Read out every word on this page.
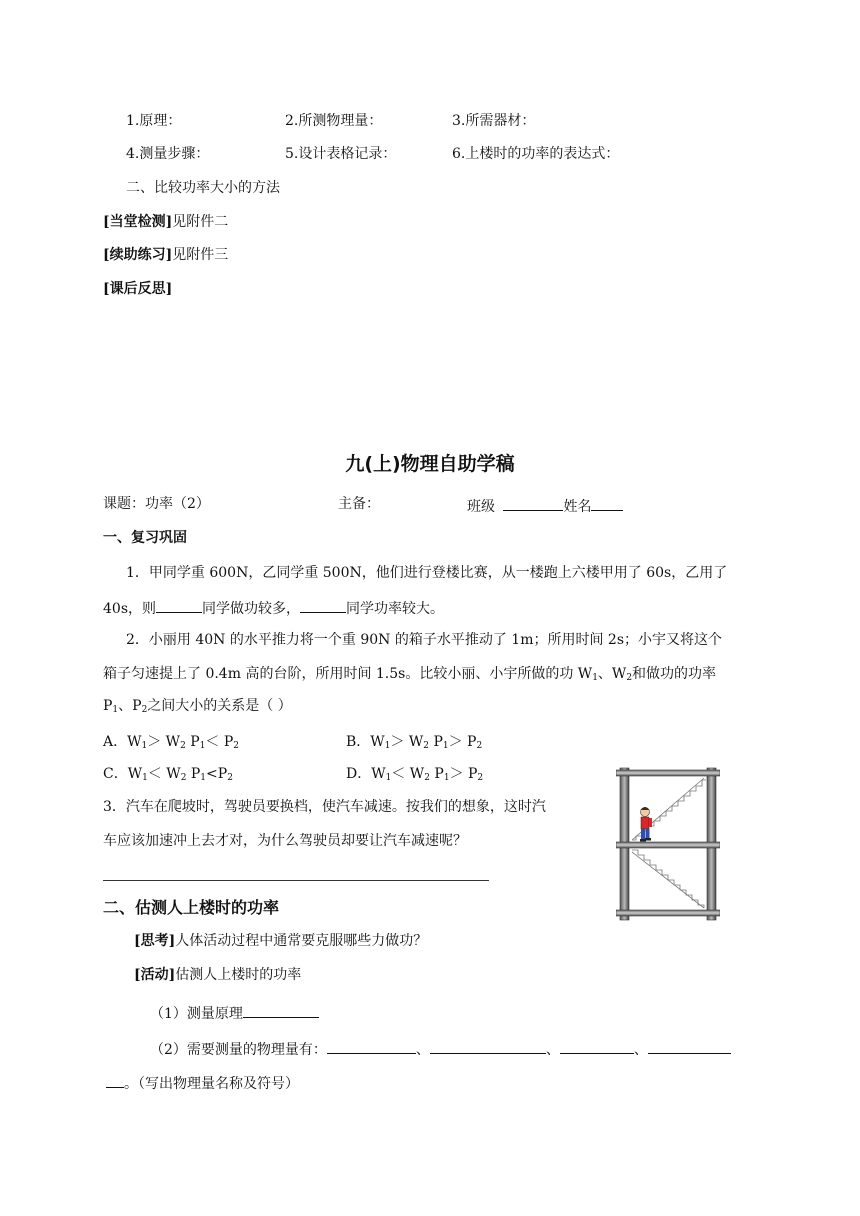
1.原理：	2.所测物理量：	3.所需器材：
4.测量步骤：	5.设计表格记录：	6.上楼时的功率的表达式：
二、比较功率大小的方法
[当堂检测]见附件二
[续助练习]见附件三
[课后反思]
九(上)物理自助学稿
课题：功率（2）	主备：	班级	姓名
一、复习巩固
1．甲同学重 600N，乙同学重 500N，他们进行登楼比赛，从一楼跑上六楼甲用了 60s，乙用了
40s，则	同学做功较多，	同学功率较大。
2．小丽用 40N 的水平推力将一个重 90N 的箱子水平推动了 1m；所用时间 2s；小宇又将这个
箱子匀速提上了 0.4m 高的台阶，所用时间 1.5s。比较小丽、小宇所做的功 $W_1$、$W_2$和做功的功率
$P_1$、$P_2$之间大小的关系是（ ）
A．$W_1> W_2$ $P_1< P_2$	B．$W_1> W_2$ $P_1> P_2$
C．$W_1< W_2$ $P_1<P_2$	D．$W_1< W_2$ $P_1> P_2$
3．汽车在爬坡时，驾驶员要换档，使汽车减速。按我们的想象，这时汽
车应该加速冲上去才对，为什么驾驶员却要让汽车减速呢？
二、估测人上楼时的功率
[思考]人体活动过程中通常要克服哪些力做功？
[活动]估测人上楼时的功率
（1）测量原理
（2）需要测量的物理量有：	、	、	、
。（写出物理量名称及符号）
